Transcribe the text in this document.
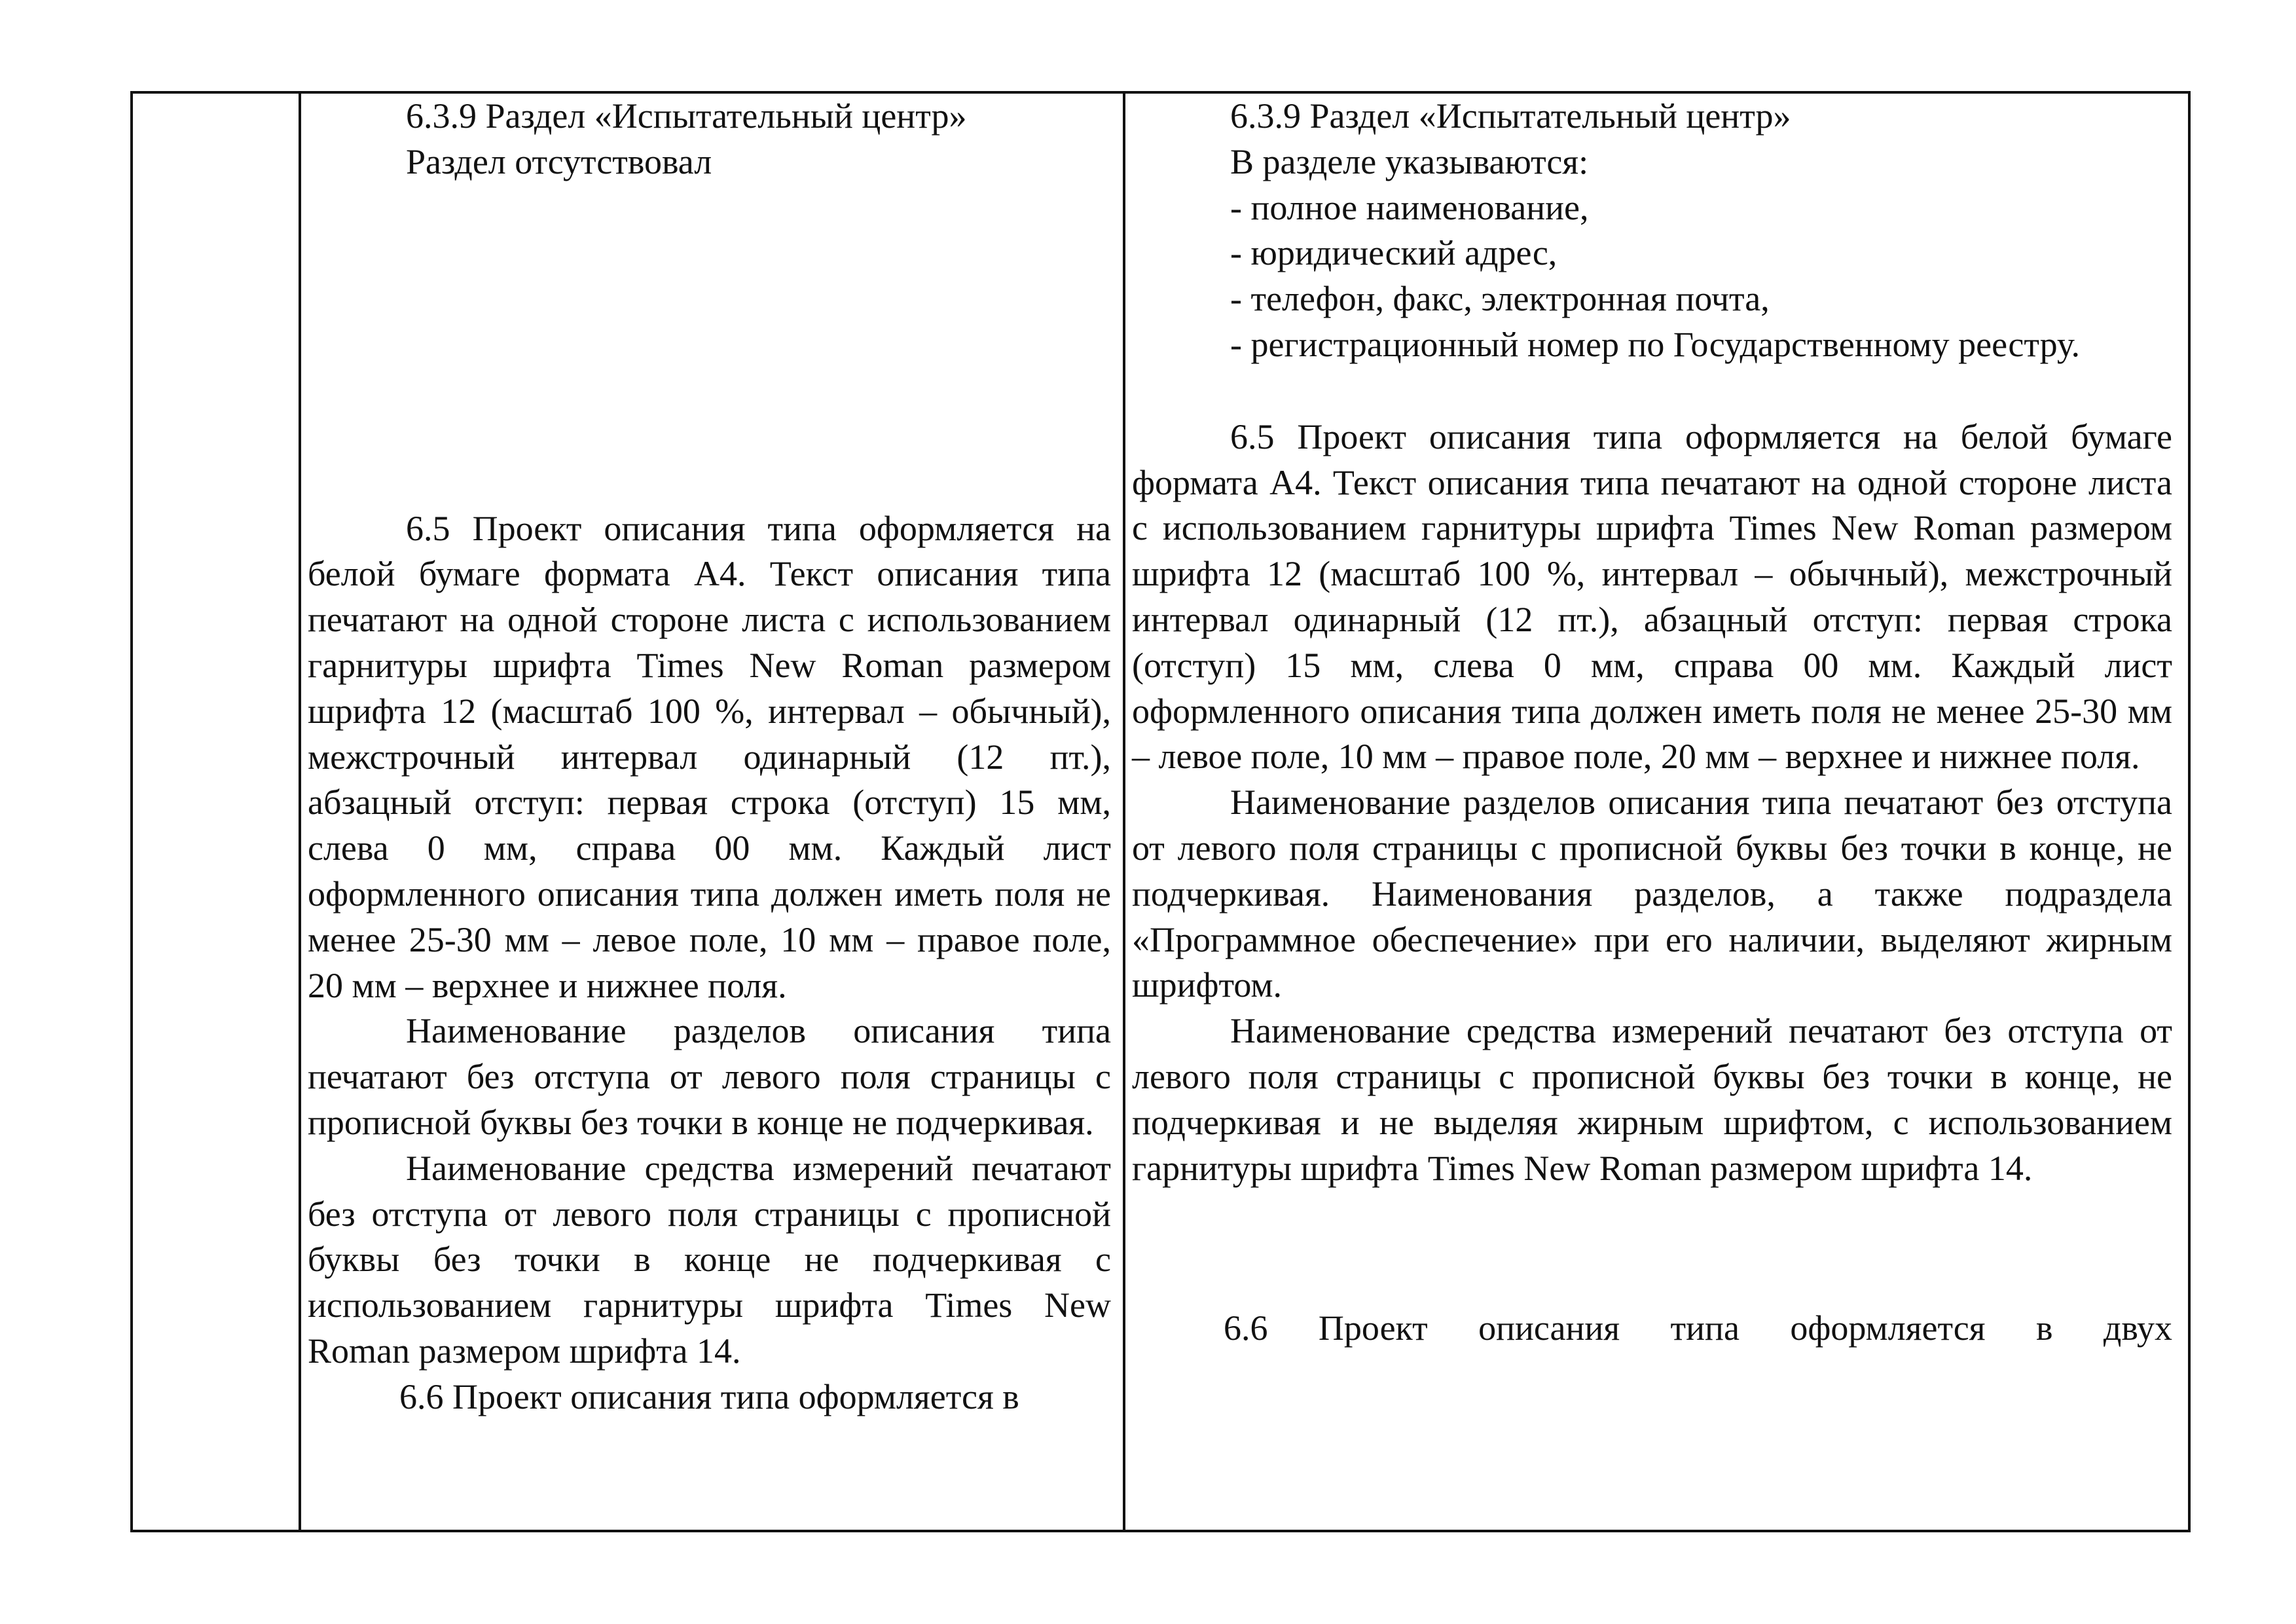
6.3.9 Раздел «Испытательный центр»

Раздел отсутствовал

6.5 Проект описания типа оформляется на белой бумаге формата А4. Текст описания типа печатают на одной стороне листа с использованием гарнитуры шрифта Times New Roman размером шрифта 12 (масштаб 100 %, интервал – обычный), межстрочный интервал одинарный (12 пт.), абзацный отступ: первая строка (отступ) 15 мм, слева 0 мм, справа 00 мм. Каждый лист оформленного описания типа должен иметь поля не менее 25-30 мм – левое поле, 10 мм – правое поле, 20 мм – верхнее и нижнее поля.

Наименование разделов описания типа печатают без отступа от левого поля страницы с прописной буквы без точки в конце не подчеркивая.

Наименование средства измерений печатают без отступа от левого поля страницы с прописной буквы без точки в конце не подчеркивая с использованием гарнитуры шрифта Times New Roman размером шрифта 14.

6.6 Проект описания типа оформляется в

6.3.9 Раздел «Испытательный центр»

В разделе указываются:

- полное наименование,

- юридический адрес,

- телефон, факс, электронная почта,

- регистрационный номер по Государственному реестру.

6.5 Проект описания типа оформляется на белой бумаге формата А4. Текст описания типа печатают на одной стороне листа с использованием гарнитуры шрифта Times New Roman размером шрифта 12 (масштаб 100 %, интервал – обычный), межстрочный интервал одинарный (12 пт.), абзацный отступ: первая строка (отступ) 15 мм, слева 0 мм, справа 00 мм. Каждый лист оформленного описания типа должен иметь поля не менее 25-30 мм – левое поле, 10 мм – правое поле, 20 мм – верхнее и нижнее поля.

Наименование разделов описания типа печатают без отступа от левого поля страницы с прописной буквы без точки в конце, не подчеркивая. Наименования разделов, а также подраздела «Программное обеспечение» при его наличии, выделяют жирным шрифтом.

Наименование средства измерений печатают без отступа от левого поля страницы с прописной буквы без точки в конце, не подчеркивая и не выделяя жирным шрифтом, с использованием гарнитуры шрифта Times New Roman размером шрифта 14.

6.6 Проект описания типа оформляется в двух
